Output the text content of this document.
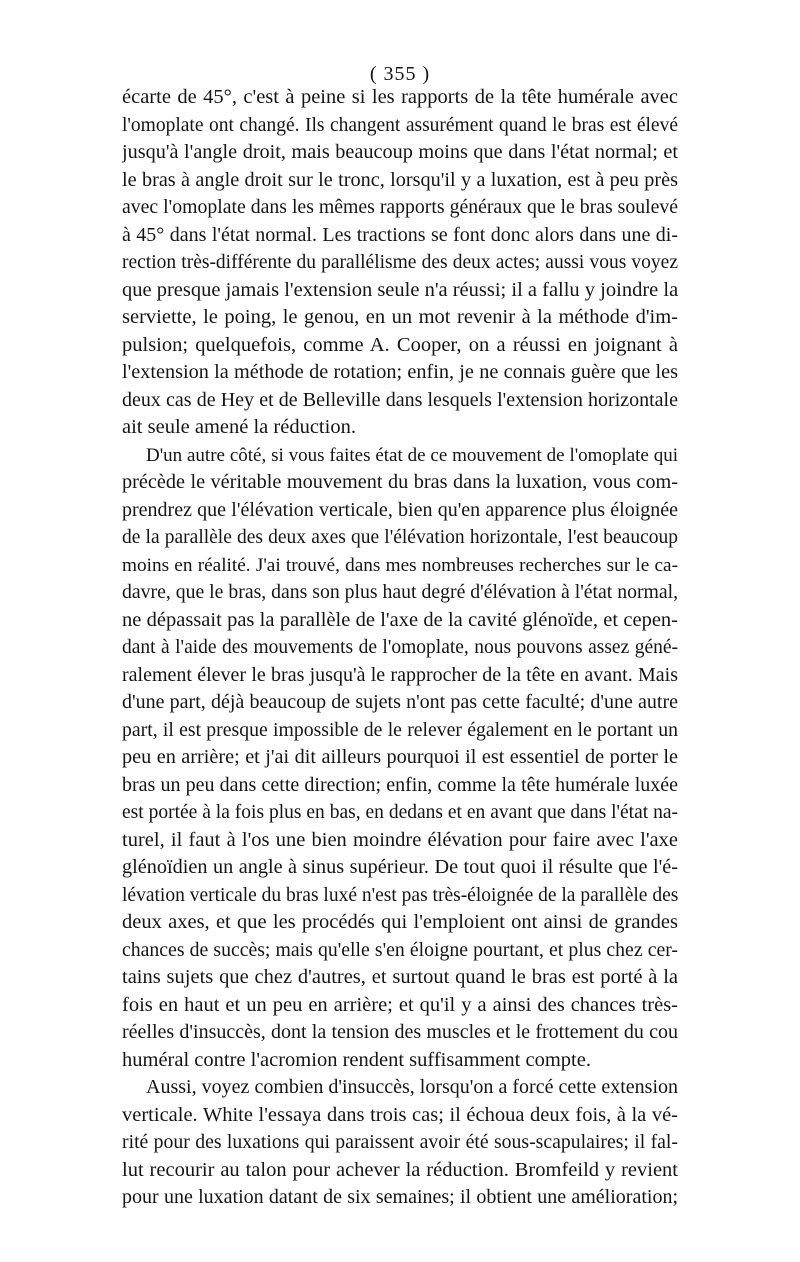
( 355 )
écarte de 45°, c'est à peine si les rapports de la tête humérale avec
l'omoplate ont changé. Ils changent assurément quand le bras est élevé
jusqu'à l'angle droit, mais beaucoup moins que dans l'état normal; et
le bras à angle droit sur le tronc, lorsqu'il y a luxation, est à peu près
avec l'omoplate dans les mêmes rapports généraux que le bras soulevé
à 45° dans l'état normal. Les tractions se font donc alors dans une di-
rection très-différente du parallélisme des deux actes; aussi vous voyez
que presque jamais l'extension seule n'a réussi; il a fallu y joindre la
serviette, le poing, le genou, en un mot revenir à la méthode d'im-
pulsion; quelquefois, comme A. Cooper, on a réussi en joignant à
l'extension la méthode de rotation; enfin, je ne connais guère que les
deux cas de Hey et de Belleville dans lesquels l'extension horizontale
ait seule amené la réduction.
D'un autre côté, si vous faites état de ce mouvement de l'omoplate qui
précède le véritable mouvement du bras dans la luxation, vous com-
prendrez que l'élévation verticale, bien qu'en apparence plus éloignée
de la parallèle des deux axes que l'élévation horizontale, l'est beaucoup
moins en réalité. J'ai trouvé, dans mes nombreuses recherches sur le ca-
davre, que le bras, dans son plus haut degré d'élévation à l'état normal,
ne dépassait pas la parallèle de l'axe de la cavité glénoïde, et cepen-
dant à l'aide des mouvements de l'omoplate, nous pouvons assez géné-
ralement élever le bras jusqu'à le rapprocher de la tête en avant. Mais
d'une part, déjà beaucoup de sujets n'ont pas cette faculté; d'une autre
part, il est presque impossible de le relever également en le portant un
peu en arrière; et j'ai dit ailleurs pourquoi il est essentiel de porter le
bras un peu dans cette direction; enfin, comme la tête humérale luxée
est portée à la fois plus en bas, en dedans et en avant que dans l'état na-
turel, il faut à l'os une bien moindre élévation pour faire avec l'axe
glénoïdien un angle à sinus supérieur. De tout quoi il résulte que l'é-
lévation verticale du bras luxé n'est pas très-éloignée de la parallèle des
deux axes, et que les procédés qui l'emploient ont ainsi de grandes
chances de succès; mais qu'elle s'en éloigne pourtant, et plus chez cer-
tains sujets que chez d'autres, et surtout quand le bras est porté à la
fois en haut et un peu en arrière; et qu'il y a ainsi des chances très-
réelles d'insuccès, dont la tension des muscles et le frottement du cou
huméral contre l'acromion rendent suffisamment compte.
Aussi, voyez combien d'insuccès, lorsqu'on a forcé cette extension
verticale. White l'essaya dans trois cas; il échoua deux fois, à la vé-
rité pour des luxations qui paraissent avoir été sous-scapulaires; il fal-
lut recourir au talon pour achever la réduction. Bromfeild y revient
pour une luxation datant de six semaines; il obtient une amélioration;
